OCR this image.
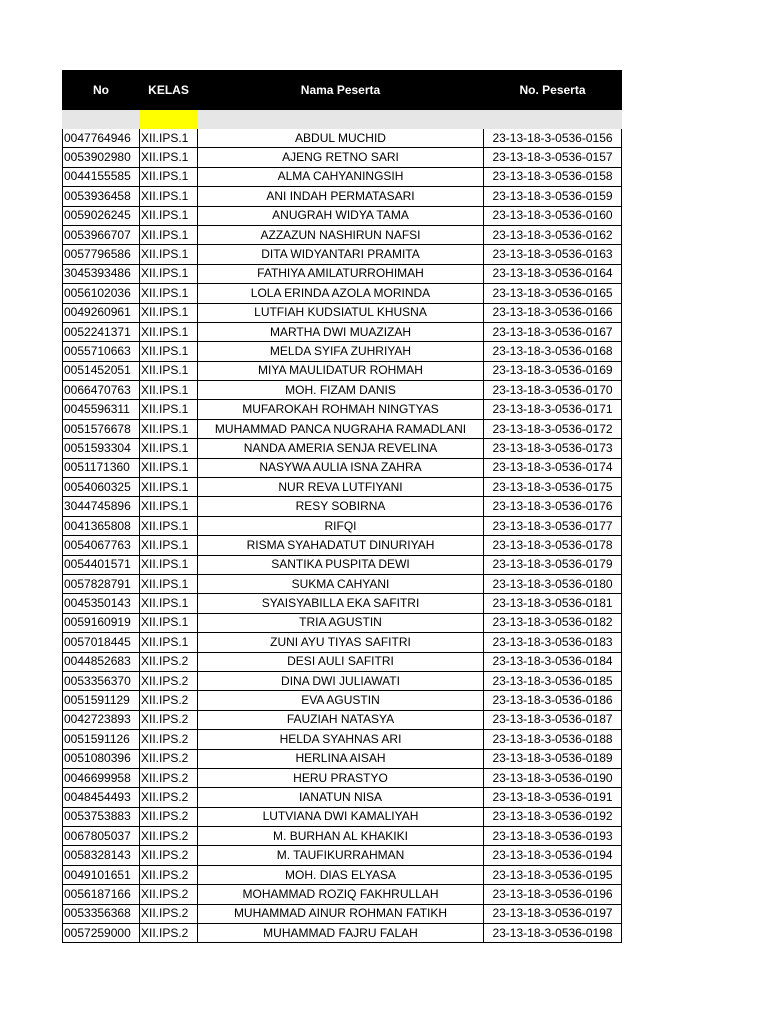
No	KELAS	Nama Peserta	No. Peserta

0047764946	XII.IPS.1	ABDUL MUCHID	23-13-18-3-0536-0156
0053902980	XII.IPS.1	AJENG RETNO SARI	23-13-18-3-0536-0157
0044155585	XII.IPS.1	ALMA CAHYANINGSIH	23-13-18-3-0536-0158
0053936458	XII.IPS.1	ANI INDAH PERMATASARI	23-13-18-3-0536-0159
0059026245	XII.IPS.1	ANUGRAH WIDYA TAMA	23-13-18-3-0536-0160
0053966707	XII.IPS.1	AZZAZUN NASHIRUN NAFSI	23-13-18-3-0536-0162
0057796586	XII.IPS.1	DITA WIDYANTARI PRAMITA	23-13-18-3-0536-0163
3045393486	XII.IPS.1	FATHIYA AMILATURROHIMAH	23-13-18-3-0536-0164
0056102036	XII.IPS.1	LOLA ERINDA AZOLA MORINDA	23-13-18-3-0536-0165
0049260961	XII.IPS.1	LUTFIAH KUDSIATUL KHUSNA	23-13-18-3-0536-0166
0052241371	XII.IPS.1	MARTHA DWI MUAZIZAH	23-13-18-3-0536-0167
0055710663	XII.IPS.1	MELDA SYIFA ZUHRIYAH	23-13-18-3-0536-0168
0051452051	XII.IPS.1	MIYA MAULIDATUR ROHMAH	23-13-18-3-0536-0169
0066470763	XII.IPS.1	MOH. FIZAM DANIS	23-13-18-3-0536-0170
0045596311	XII.IPS.1	MUFAROKAH ROHMAH NINGTYAS	23-13-18-3-0536-0171
0051576678	XII.IPS.1	MUHAMMAD PANCA NUGRAHA RAMADLANI	23-13-18-3-0536-0172
0051593304	XII.IPS.1	NANDA AMERIA SENJA REVELINA	23-13-18-3-0536-0173
0051171360	XII.IPS.1	NASYWA AULIA ISNA ZAHRA	23-13-18-3-0536-0174
0054060325	XII.IPS.1	NUR REVA LUTFIYANI	23-13-18-3-0536-0175
3044745896	XII.IPS.1	RESY SOBIRNA	23-13-18-3-0536-0176
0041365808	XII.IPS.1	RIFQI	23-13-18-3-0536-0177
0054067763	XII.IPS.1	RISMA SYAHADATUT DINURIYAH	23-13-18-3-0536-0178
0054401571	XII.IPS.1	SANTIKA PUSPITA DEWI	23-13-18-3-0536-0179
0057828791	XII.IPS.1	SUKMA CAHYANI	23-13-18-3-0536-0180
0045350143	XII.IPS.1	SYAISYABILLA EKA SAFITRI	23-13-18-3-0536-0181
0059160919	XII.IPS.1	TRIA AGUSTIN	23-13-18-3-0536-0182
0057018445	XII.IPS.1	ZUNI AYU TIYAS SAFITRI	23-13-18-3-0536-0183
0044852683	XII.IPS.2	DESI AULI SAFITRI	23-13-18-3-0536-0184
0053356370	XII.IPS.2	DINA DWI JULIAWATI	23-13-18-3-0536-0185
0051591129	XII.IPS.2	EVA AGUSTIN	23-13-18-3-0536-0186
0042723893	XII.IPS.2	FAUZIAH NATASYA	23-13-18-3-0536-0187
0051591126	XII.IPS.2	HELDA SYAHNAS ARI	23-13-18-3-0536-0188
0051080396	XII.IPS.2	HERLINA AISAH	23-13-18-3-0536-0189
0046699958	XII.IPS.2	HERU PRASTYO	23-13-18-3-0536-0190
0048454493	XII.IPS.2	IANATUN NISA	23-13-18-3-0536-0191
0053753883	XII.IPS.2	LUTVIANA DWI KAMALIYAH	23-13-18-3-0536-0192
0067805037	XII.IPS.2	M. BURHAN AL KHAKIKI	23-13-18-3-0536-0193
0058328143	XII.IPS.2	M. TAUFIKURRAHMAN	23-13-18-3-0536-0194
0049101651	XII.IPS.2	MOH. DIAS ELYASA	23-13-18-3-0536-0195
0056187166	XII.IPS.2	MOHAMMAD ROZIQ FAKHRULLAH	23-13-18-3-0536-0196
0053356368	XII.IPS.2	MUHAMMAD AINUR ROHMAN FATIKH	23-13-18-3-0536-0197
0057259000	XII.IPS.2	MUHAMMAD FAJRU FALAH	23-13-18-3-0536-0198
